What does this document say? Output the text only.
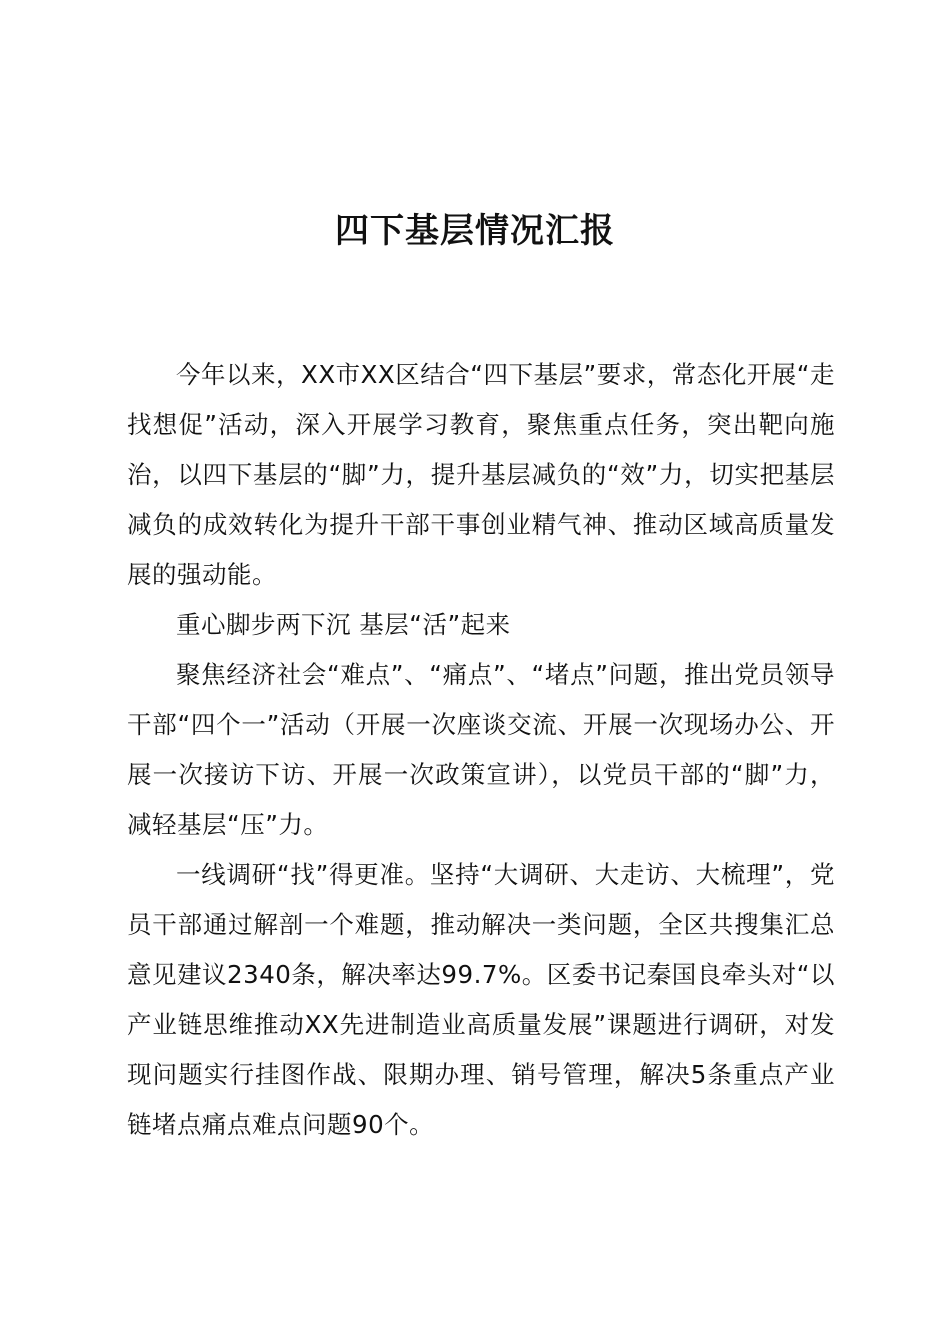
四下基层情况汇报

今年以来，XX市XX区结合“四下基层”要求，常态化开展“走找想促”活动，深入开展学习教育，聚焦重点任务，突出靶向施治，以四下基层的“脚”力，提升基层减负的“效”力，切实把基层减负的成效转化为提升干部干事创业精气神、推动区域高质量发展的强动能。

重心脚步两下沉 基层“活”起来

聚焦经济社会“难点”、“痛点”、“堵点”问题，推出党员领导干部“四个一”活动（开展一次座谈交流、开展一次现场办公、开展一次接访下访、开展一次政策宣讲），以党员干部的“脚”力，减轻基层“压”力。

一线调研“找”得更准。坚持“大调研、大走访、大梳理”，党员干部通过解剖一个难题，推动解决一类问题，全区共搜集汇总意见建议2340条，解决率达99.7%。区委书记秦国良牵头对“以产业链思维推动XX先进制造业高质量发展”课题进行调研，对发现问题实行挂图作战、限期办理、销号管理，解决5条重点产业链堵点痛点难点问题90个。
